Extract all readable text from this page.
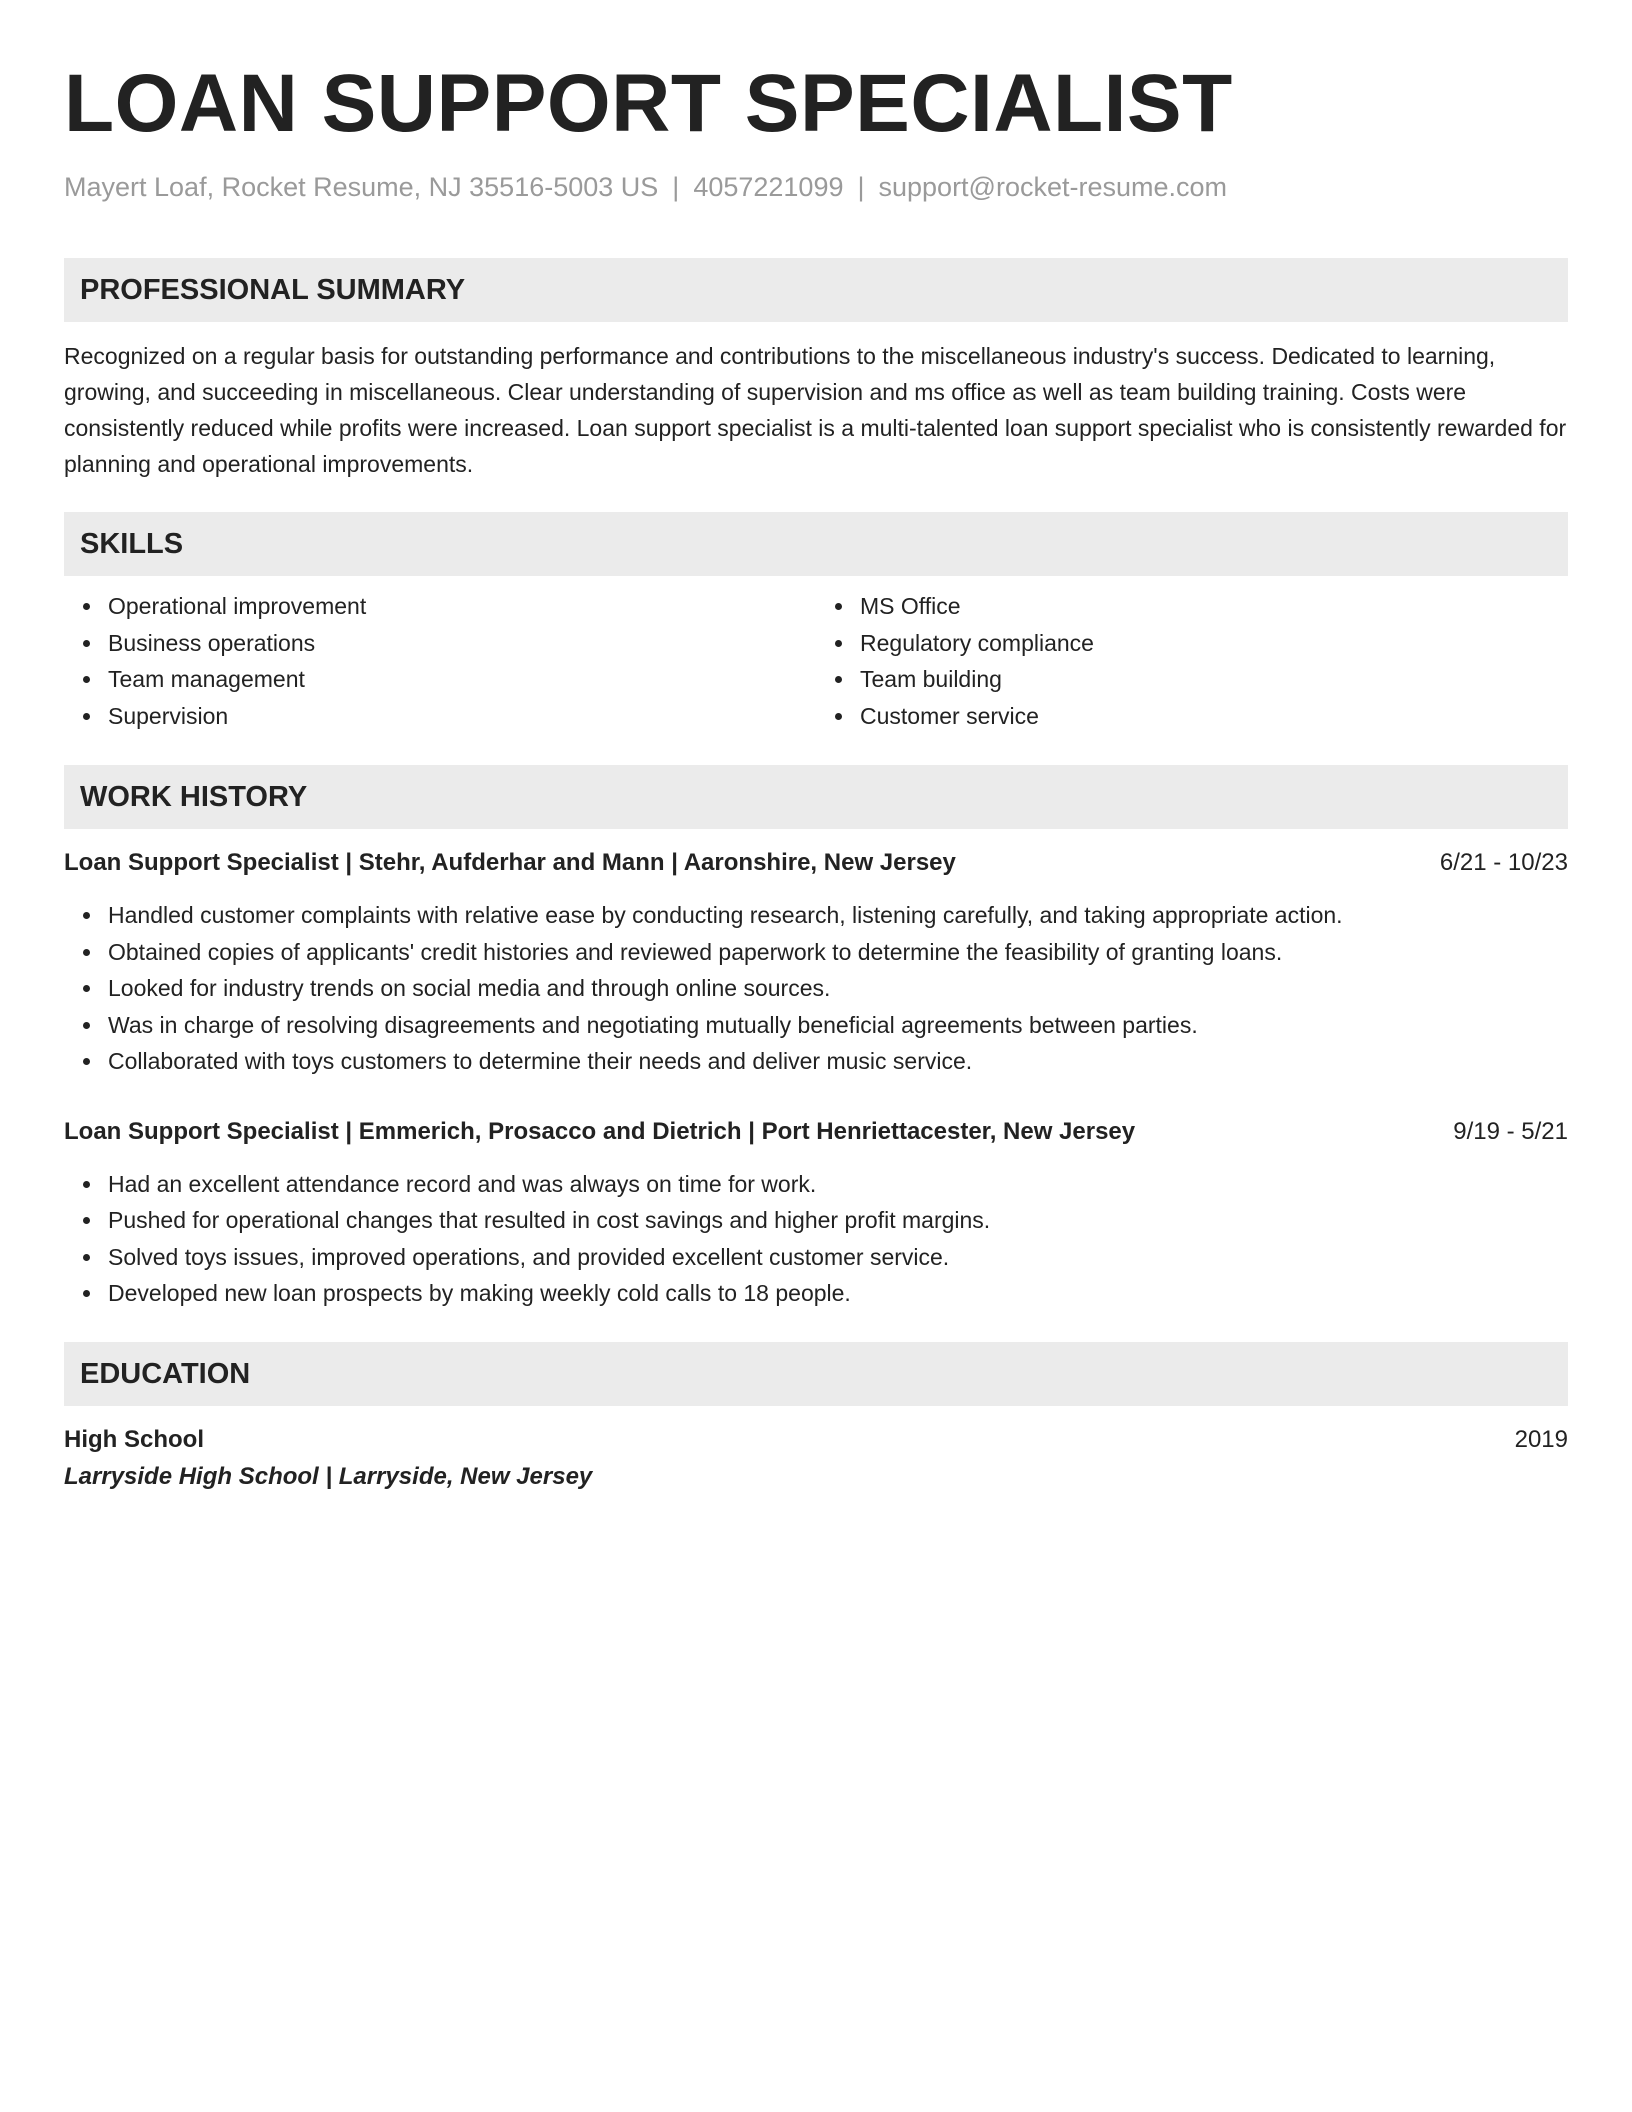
LOAN SUPPORT SPECIALIST
Mayert Loaf, Rocket Resume, NJ 35516-5003 US | 4057221099 | support@rocket-resume.com
PROFESSIONAL SUMMARY

Recognized on a regular basis for outstanding performance and contributions to the miscellaneous industry's success. Dedicated to learning, growing, and succeeding in miscellaneous. Clear understanding of supervision and ms office as well as team building training. Costs were consistently reduced while profits were increased. Loan support specialist is a multi-talented loan support specialist who is consistently rewarded for planning and operational improvements.

SKILLS
Operational improvement
Business operations
Team management
Supervision
MS Office
Regulatory compliance
Team building
Customer service
WORK HISTORY
Loan Support Specialist | Stehr, Aufderhar and Mann | Aaronshire, New Jersey	6/21 - 10/23
Handled customer complaints with relative ease by conducting research, listening carefully, and taking appropriate action.
Obtained copies of applicants' credit histories and reviewed paperwork to determine the feasibility of granting loans.
Looked for industry trends on social media and through online sources.
Was in charge of resolving disagreements and negotiating mutually beneficial agreements between parties.
Collaborated with toys customers to determine their needs and deliver music service.
Loan Support Specialist | Emmerich, Prosacco and Dietrich | Port Henriettacester, New Jersey	9/19 - 5/21
Had an excellent attendance record and was always on time for work.
Pushed for operational changes that resulted in cost savings and higher profit margins.
Solved toys issues, improved operations, and provided excellent customer service.
Developed new loan prospects by making weekly cold calls to 18 people.
EDUCATION
High School	2019
Larryside High School | Larryside, New Jersey
